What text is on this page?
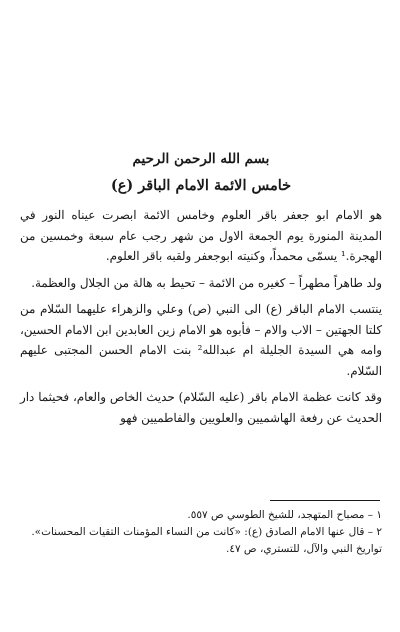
بسم الله الرحمن الرحيم
خامس الائمة الامام الباقر (ع)

هو الامام ابو جعفر باقر العلوم وخامس الائمة ابصرت عيناه النور في المدينة المنورة يوم الجمعة الاول من شهر رجب عام سبعة وخمسين من الهجرة.¹ يسمّى محمداً، وكنيته ابوجعفر ولقبه باقر العلوم.

ولد طاهراً مطهراً – كغيره من الائمة – تحيط به هالة من الجلال والعظمة.

ينتسب الامام الباقر (ع) الى النبي (ص) وعلي والزهراء عليهما السّلام من كلتا الجهتين – الاب والام – فأبوه هو الامام زين العابدين ابن الامام الحسين، وامه هي السيدة الجليلة ام عبدالله² بنت الامام الحسن المجتبى عليهم السّلام.

وقد كانت عظمة الامام باقر (عليه السّلام) حديث الخاص والعام، فحيثما دار الحديث عن رفعة الهاشميين والعلويين والفاطميين فهو

١ – مصباح المتهجد، للشيخ الطوسي ص ٥٥٧.

٢ – قال عنها الامام الصادق (ع): «كانت من النساء المؤمنات التقيات المحسنات».

تواريخ النبي والآل، للتستري، ص ٤٧.
